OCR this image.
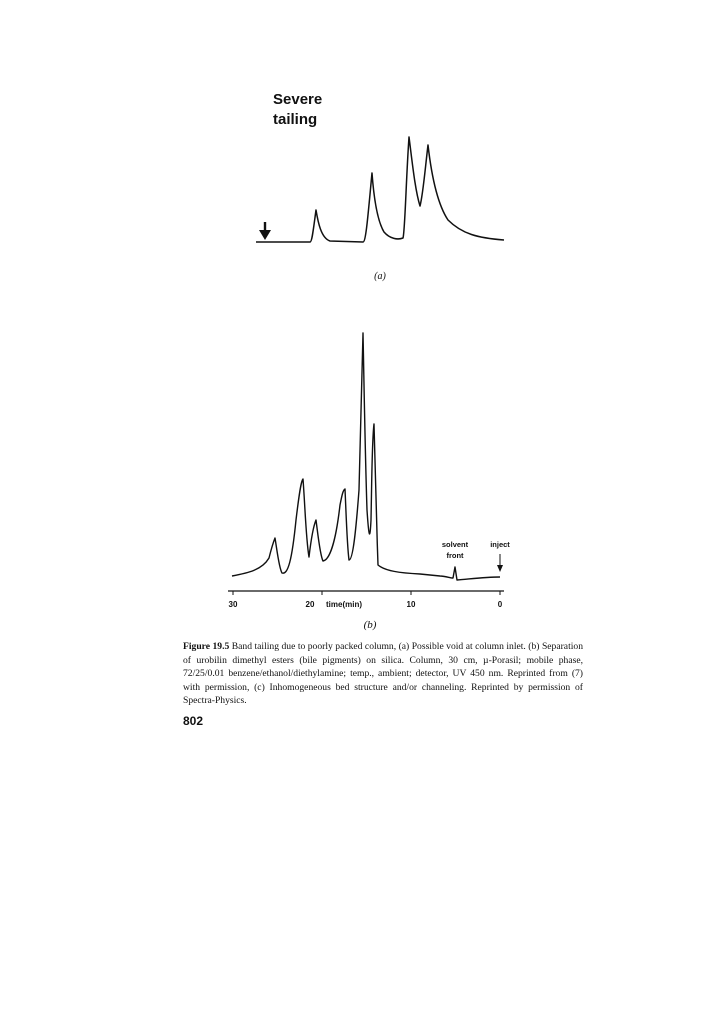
Severe
tailing
(a)
30	20	10	0
time(min)
solvent
front
inject
(b)
Figure 19.5 Band tailing due to poorly packed column, (a) Possible void at column inlet. (b) Separation of urobilin dimethyl esters (bile pigments) on silica. Column, 30 cm, µ-Porasil; mobile phase, 72/25/0.01 benzene/ethanol/diethylamine; temp., ambient; detector, UV 450 nm. Reprinted from (7) with permission, (c) Inhomogeneous bed structure and/or channeling. Reprinted by permission of Spectra-Physics.
802
